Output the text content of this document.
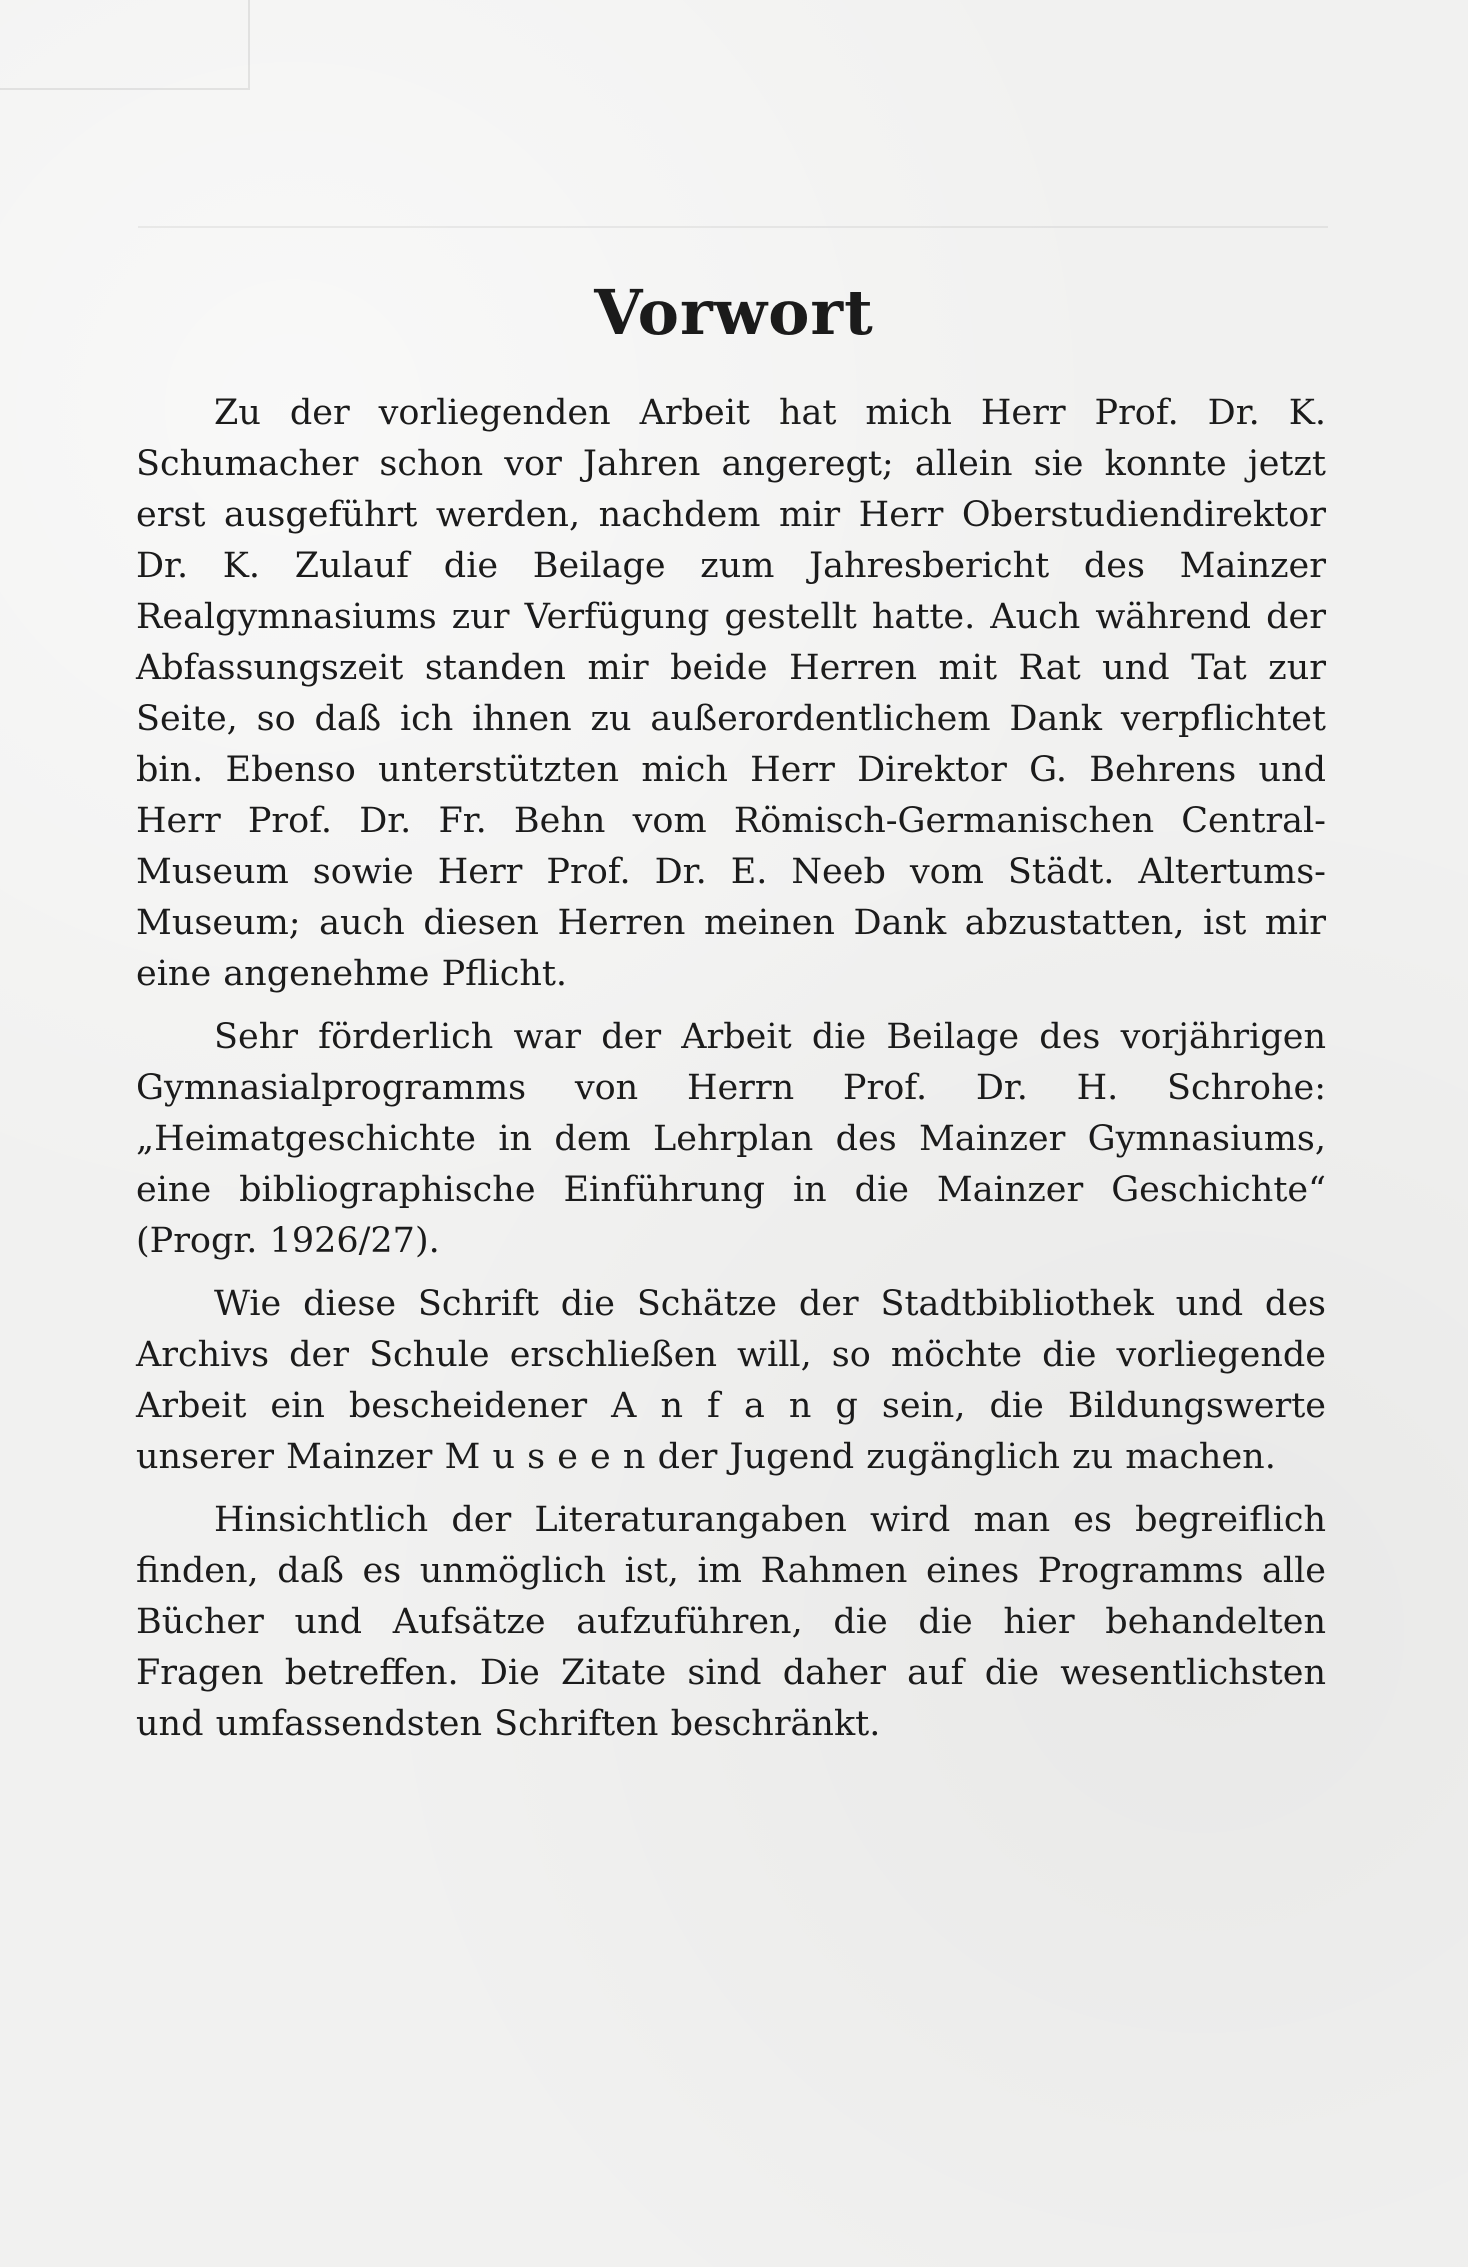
Vorwort

Zu der vorliegenden Arbeit hat mich Herr Prof. Dr. K. Schumacher schon vor Jahren angeregt; allein sie konnte jetzt erst ausgeführt werden, nachdem mir Herr Oberstudiendirektor Dr. K. Zulauf die Beilage zum Jahresbericht des Mainzer Realgymnasiums zur Verfügung gestellt hatte. Auch während der Abfassungszeit standen mir beide Herren mit Rat und Tat zur Seite, so daß ich ihnen zu außerordentlichem Dank verpflichtet bin. Ebenso unterstützten mich Herr Direktor G. Behrens und Herr Prof. Dr. Fr. Behn vom Römisch-Germanischen Central-Museum sowie Herr Prof. Dr. E. Neeb vom Städt. Altertums-Museum; auch diesen Herren meinen Dank abzustatten, ist mir eine angenehme Pflicht.

Sehr förderlich war der Arbeit die Beilage des vorjährigen Gymnasialprogramms von Herrn Prof. Dr. H. Schrohe: „Heimatgeschichte in dem Lehrplan des Mainzer Gymnasiums, eine bibliographische Einführung in die Mainzer Geschichte“ (Progr. 1926/27).

Wie diese Schrift die Schätze der Stadtbibliothek und des Archivs der Schule erschließen will, so möchte die vorliegende Arbeit ein bescheidener A n f a n g sein, die Bildungswerte unserer Mainzer M u s e e n der Jugend zugänglich zu machen.

Hinsichtlich der Literaturangaben wird man es begreiflich finden, daß es unmöglich ist, im Rahmen eines Programms alle Bücher und Aufsätze aufzuführen, die die hier behandelten Fragen betreffen. Die Zitate sind daher auf die wesentlichsten und umfassendsten Schriften beschränkt.
